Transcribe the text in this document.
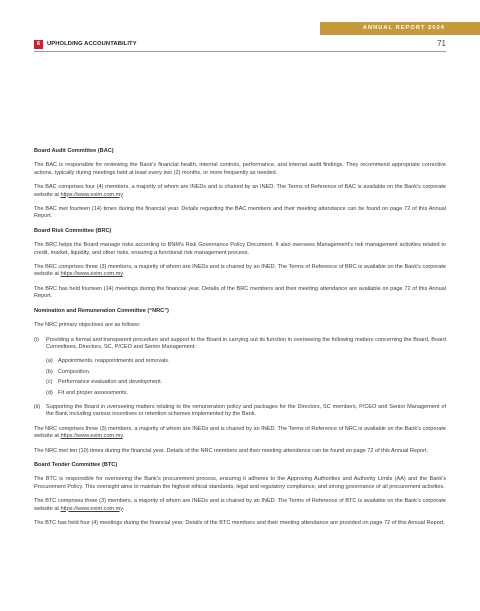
ANNUAL REPORT 2024
6	UPHOLDING ACCOUNTABILITY	71
Board Audit Committee (BAC)

The BAC is responsible for reviewing the Bank's financial health, internal controls, performance, and internal audit findings. They recommend appropriate corrective actions, typically during meetings held at least every two (2) months, or more frequently as needed.

The BAC comprises four (4) members, a majority of whom are INEDs and is chaired by an INED. The Terms of Reference of BAC is available on the Bank's corporate website at https://www.exim.com.my.

The BAC met fourteen (14) times during the financial year. Details regarding the BAC members and their meeting attendance can be found on page 72 of this Annual Report.

Board Risk Committee (BRC)

The BRC helps the Board manage risks according to BNM's Risk Governance Policy Document. It also oversees Management's risk management activities related to credit, market, liquidity, and other risks, ensuring a functional risk management process.

The BRC comprises three (3) members, a majority of whom are INEDs and is chaired by an INED. The Terms of Reference of BRC is available on the Bank's corporate website at https://www.exim.com.my.

The BRC has held fourteen (14) meetings during the financial year. Details of the BRC members and their meeting attendance are available on page 72 of this Annual Report.

Nomination and Remuneration Committee (“NRC”)

The NRC primary objectives are as follows:

(i) Providing a formal and transparent procedure and support to the Board in carrying out its function in overseeing the following matters concerning the Board, Board Committees, Directors, SC, P/CEO and Senior Management:
(a) Appointments, reappointments and removals.
(b) Composition.
(c) Performance evaluation and development.
(d) Fit and proper assessments.
(ii) Supporting the Board in overseeing matters relating to the remuneration policy and packages for the Directors, SC members, P/CEO and Senior Management of the Bank including various incentives or retention schemes implemented by the Bank.

The NRC comprises three (3) members, a majority of whom are INEDs and is chaired by an INED. The Terms of Reference of NRC is available on the Bank's corporate website at https://www.exim.com.my.

The NRC met ten (10) times during the financial year. Details of the NRC members and their meeting attendance can be found on page 72 of this Annual Report.

Board Tender Committee (BTC)

The BTC is responsible for overseeing the Bank's procurement process, ensuring it adheres to the Approving Authorities and Authority Limits (AA) and the Bank's Procurement Policy. This oversight aims to maintain the highest ethical standards, legal and regulatory compliance, and strong governance of all procurement activities.

The BTC comprises three (3) members, a majority of whom are INEDs and is chaired by an INED. The Terms of Reference of BTC is available on the Bank's corporate website at https://www.exim.com.my.

The BTC has held four (4) meetings during the financial year. Details of the BTC members and their meeting attendance are provided on page 72 of this Annual Report.
